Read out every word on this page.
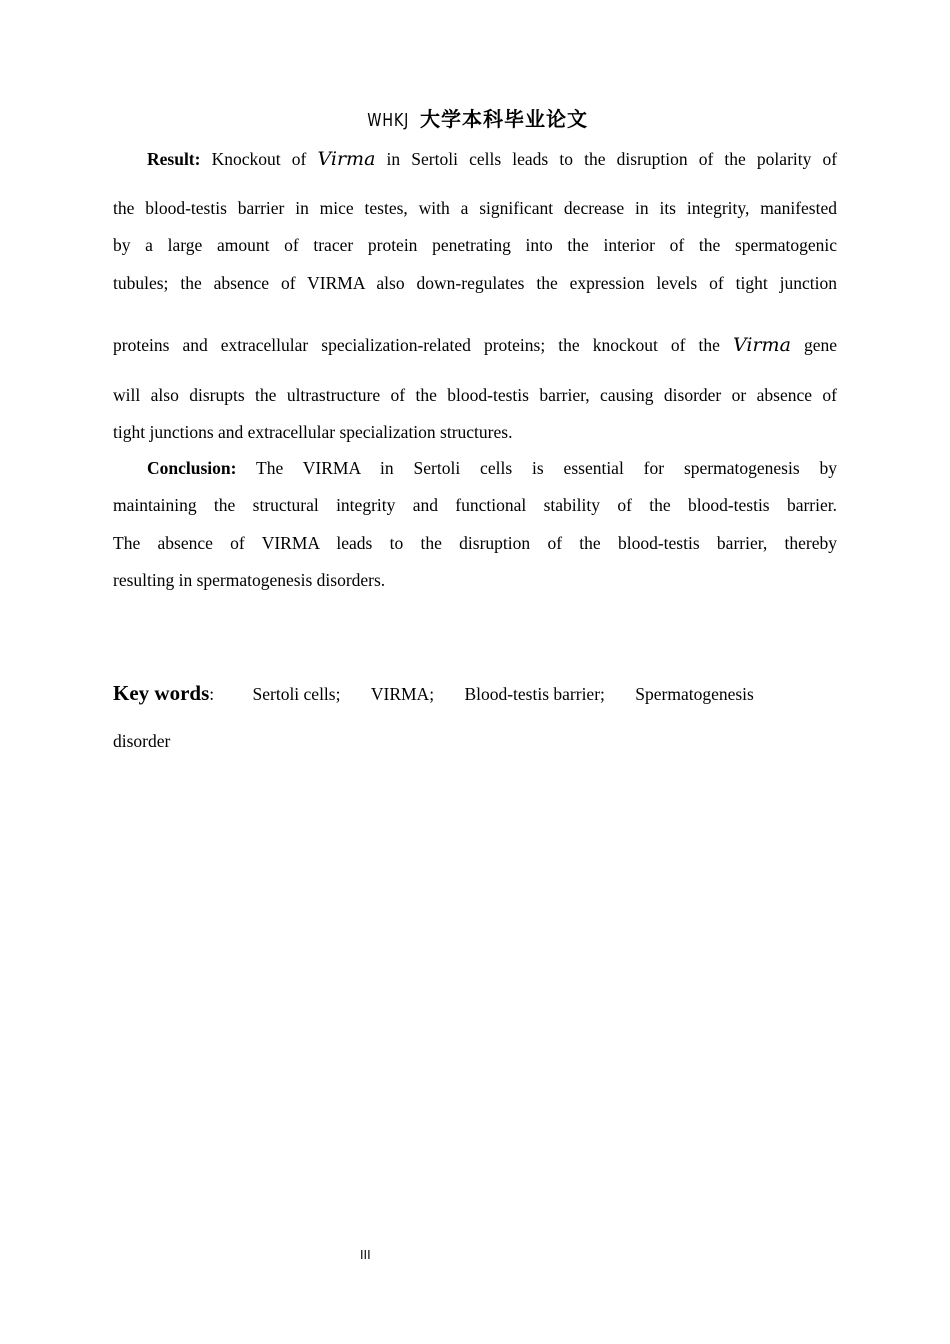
WHKJ 大学本科毕业论文
Result: Knockout of Virma in Sertoli cells leads to the disruption of the polarity of
the blood-testis barrier in mice testes, with a significant decrease in its integrity, manifested
by a large amount of tracer protein penetrating into the interior of the spermatogenic
tubules; the absence of VIRMA also down-regulates the expression levels of tight junction
proteins and extracellular specialization-related proteins; the knockout of the Virma gene
will also disrupts the ultrastructure of the blood-testis barrier, causing disorder or absence of
tight junctions and extracellular specialization structures.
Conclusion: The VIRMA in Sertoli cells is essential for spermatogenesis by
maintaining the structural integrity and functional stability of the blood-testis barrier.
The absence of VIRMA leads to the disruption of the blood-testis barrier, thereby
resulting in spermatogenesis disorders.
Key words: Sertoli cells; VIRMA; Blood-testis barrier; Spermatogenesis
disorder
III
